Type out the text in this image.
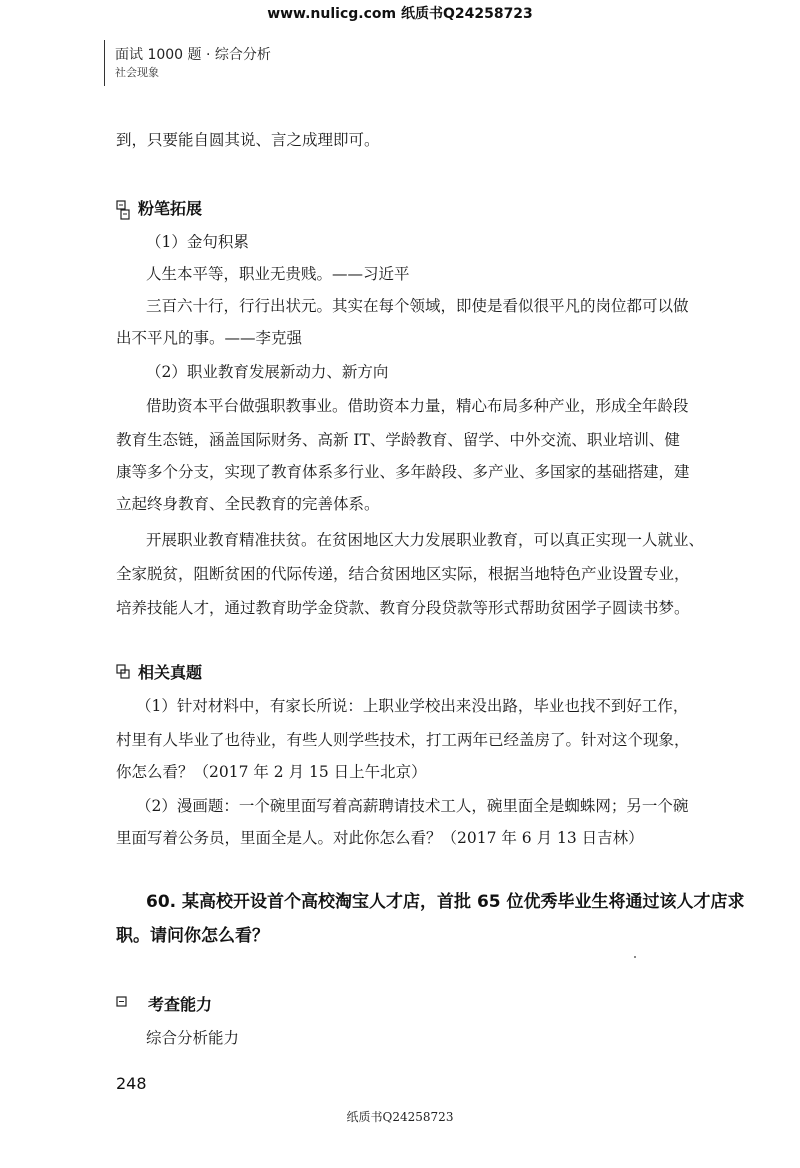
www.nulicg.com 纸质书Q24258723
面试 1000 题 · 综合分析
社会现象

到，只要能自圆其说、言之成理即可。

粉笔拓展
（1）金句积累
人生本平等，职业无贵贱。——习近平
三百六十行，行行出状元。其实在每个领域，即使是看似很平凡的岗位都可以做
出不平凡的事。——李克强
（2）职业教育发展新动力、新方向
借助资本平台做强职教事业。借助资本力量，精心布局多种产业，形成全年龄段
教育生态链，涵盖国际财务、高新 IT、学龄教育、留学、中外交流、职业培训、健
康等多个分支，实现了教育体系多行业、多年龄段、多产业、多国家的基础搭建，建
立起终身教育、全民教育的完善体系。
开展职业教育精准扶贫。在贫困地区大力发展职业教育，可以真正实现一人就业、
全家脱贫，阻断贫困的代际传递，结合贫困地区实际，根据当地特色产业设置专业，
培养技能人才，通过教育助学金贷款、教育分段贷款等形式帮助贫困学子圆读书梦。
相关真题
（1）针对材料中，有家长所说：上职业学校出来没出路，毕业也找不到好工作，
村里有人毕业了也待业，有些人则学些技术，打工两年已经盖房了。针对这个现象，
你怎么看？（2017 年 2 月 15 日上午北京）
（2）漫画题：一个碗里面写着高薪聘请技术工人，碗里面全是蜘蛛网；另一个碗
里面写着公务员，里面全是人。对此你怎么看？（2017 年 6 月 13 日吉林）
60. 某高校开设首个高校淘宝人才店，首批 65 位优秀毕业生将通过该人才店求
职。请问你怎么看？
考查能力
综合分析能力
248
纸质书Q24258723
